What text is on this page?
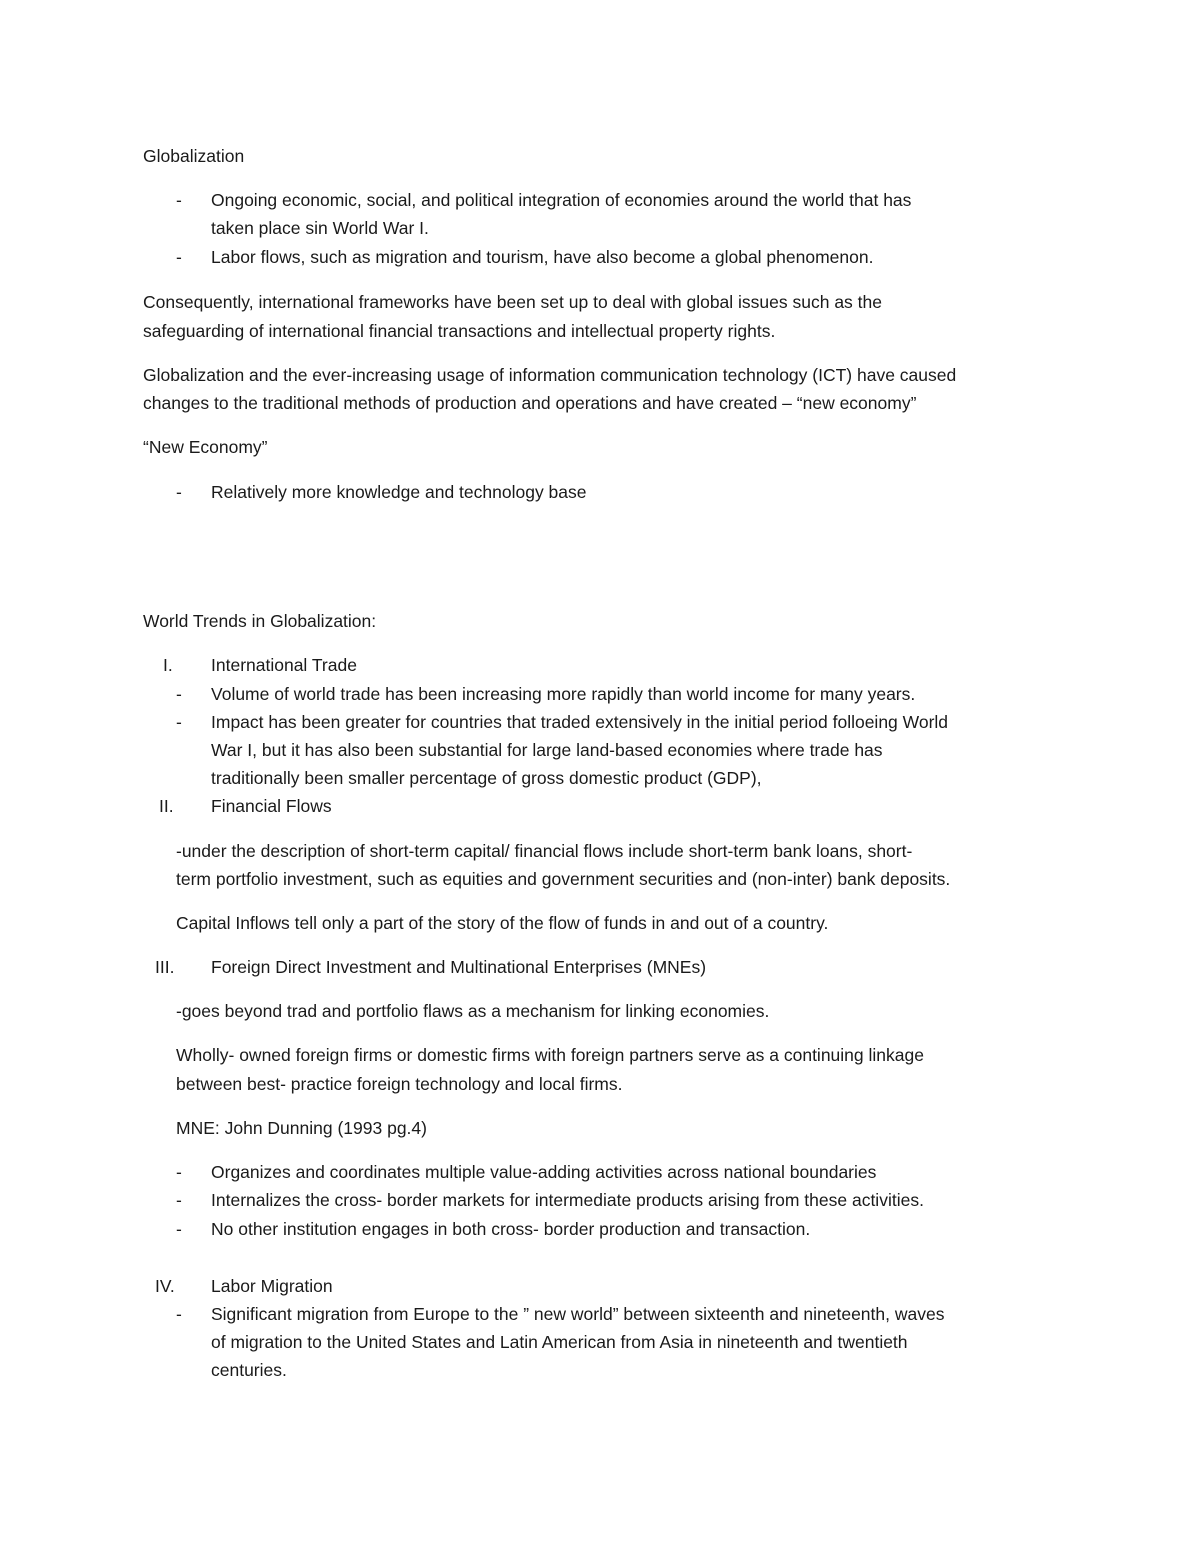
Globalization
- Ongoing economic, social, and political integration of economies around the world that has
taken place sin World War I.
- Labor flows, such as migration and tourism, have also become a global phenomenon.
Consequently, international frameworks have been set up to deal with global issues such as the
safeguarding of international financial transactions and intellectual property rights.
Globalization and the ever-increasing usage of information communication technology (ICT) have caused
changes to the traditional methods of production and operations and have created – “new economy”
“New Economy”
- Relatively more knowledge and technology base
World Trends in Globalization:
I. International Trade
- Volume of world trade has been increasing more rapidly than world income for many years.
- Impact has been greater for countries that traded extensively in the initial period folloeing World
War I, but it has also been substantial for large land-based economies where trade has
traditionally been smaller percentage of gross domestic product (GDP),
II. Financial Flows
-under the description of short-term capital/ financial flows include short-term bank loans, short-
term portfolio investment, such as equities and government securities and (non-inter) bank deposits.
Capital Inflows tell only a part of the story of the flow of funds in and out of a country.
III. Foreign Direct Investment and Multinational Enterprises (MNEs)
-goes beyond trad and portfolio flaws as a mechanism for linking economies.
Wholly- owned foreign firms or domestic firms with foreign partners serve as a continuing linkage
between best- practice foreign technology and local firms.
MNE: John Dunning (1993 pg.4)
- Organizes and coordinates multiple value-adding activities across national boundaries
- Internalizes the cross- border markets for intermediate products arising from these activities.
- No other institution engages in both cross- border production and transaction.
IV. Labor Migration
- Significant migration from Europe to the ” new world” between sixteenth and nineteenth, waves
of migration to the United States and Latin American from Asia in nineteenth and twentieth
centuries.
